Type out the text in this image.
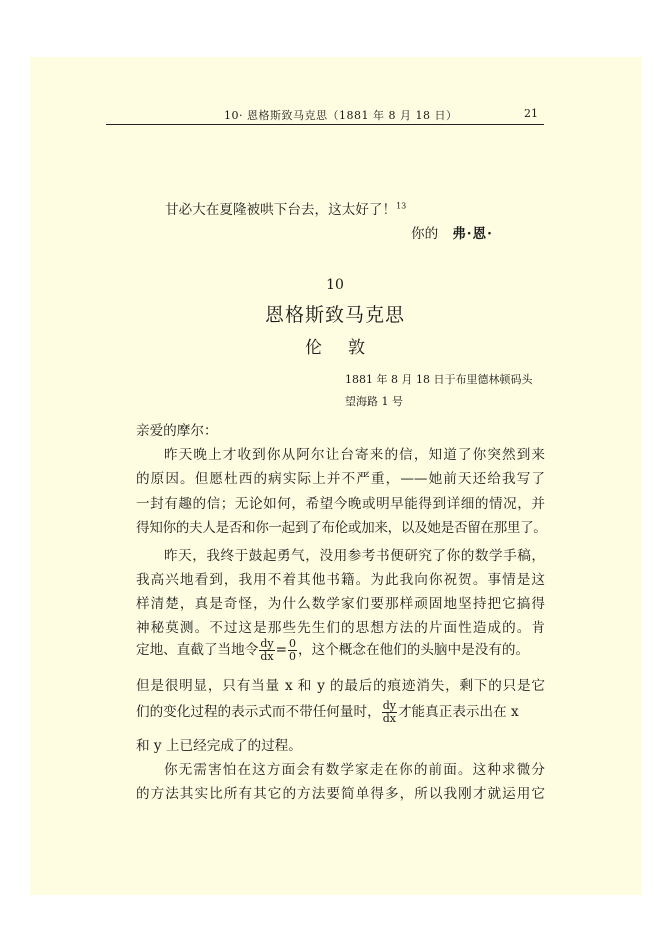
10· 恩格斯致马克思（1881 年 8 月 18 日）	21
甘必大在夏隆被哄下台去，这太好了！$^{13}$
你的 弗·恩·
10
恩格斯致马克思
伦敦
1881 年 8 月 18 日于布里德林顿码头
望海路 1 号
亲爱的摩尔：
昨天晚上才收到你从阿尔让台寄来的信，知道了你突然到来
的原因。但愿杜西的病实际上并不严重，——她前天还给我写了
一封有趣的信；无论如何，希望今晚或明早能得到详细的情况，并
得知你的夫人是否和你一起到了布伦或加来，以及她是否留在那里了。
昨天，我终于鼓起勇气，没用参考书便研究了你的数学手稿，
我高兴地看到，我用不着其他书籍。为此我向你祝贺。事情是这
样清楚，真是奇怪，为什么数学家们要那样顽固地坚持把它搞得
神秘莫测。不过这是那些先生们的思想方法的片面性造成的。肯
定地、直截了当地令 $\frac{dy}{dx} = \frac{0}{0}$ ，这个概念在他们的头脑中是没有的。
但是很明显，只有当量 x 和 y 的最后的痕迹消失，剩下的只是它
们的变化过程的表示式而不带任何量时， $\frac{dy}{dx}$ 才能真正表示出在 x
和 y 上已经完成了的过程。
你无需害怕在这方面会有数学家走在你的前面。这种求微分
的方法其实比所有其它的方法要简单得多，所以我刚才就运用它
